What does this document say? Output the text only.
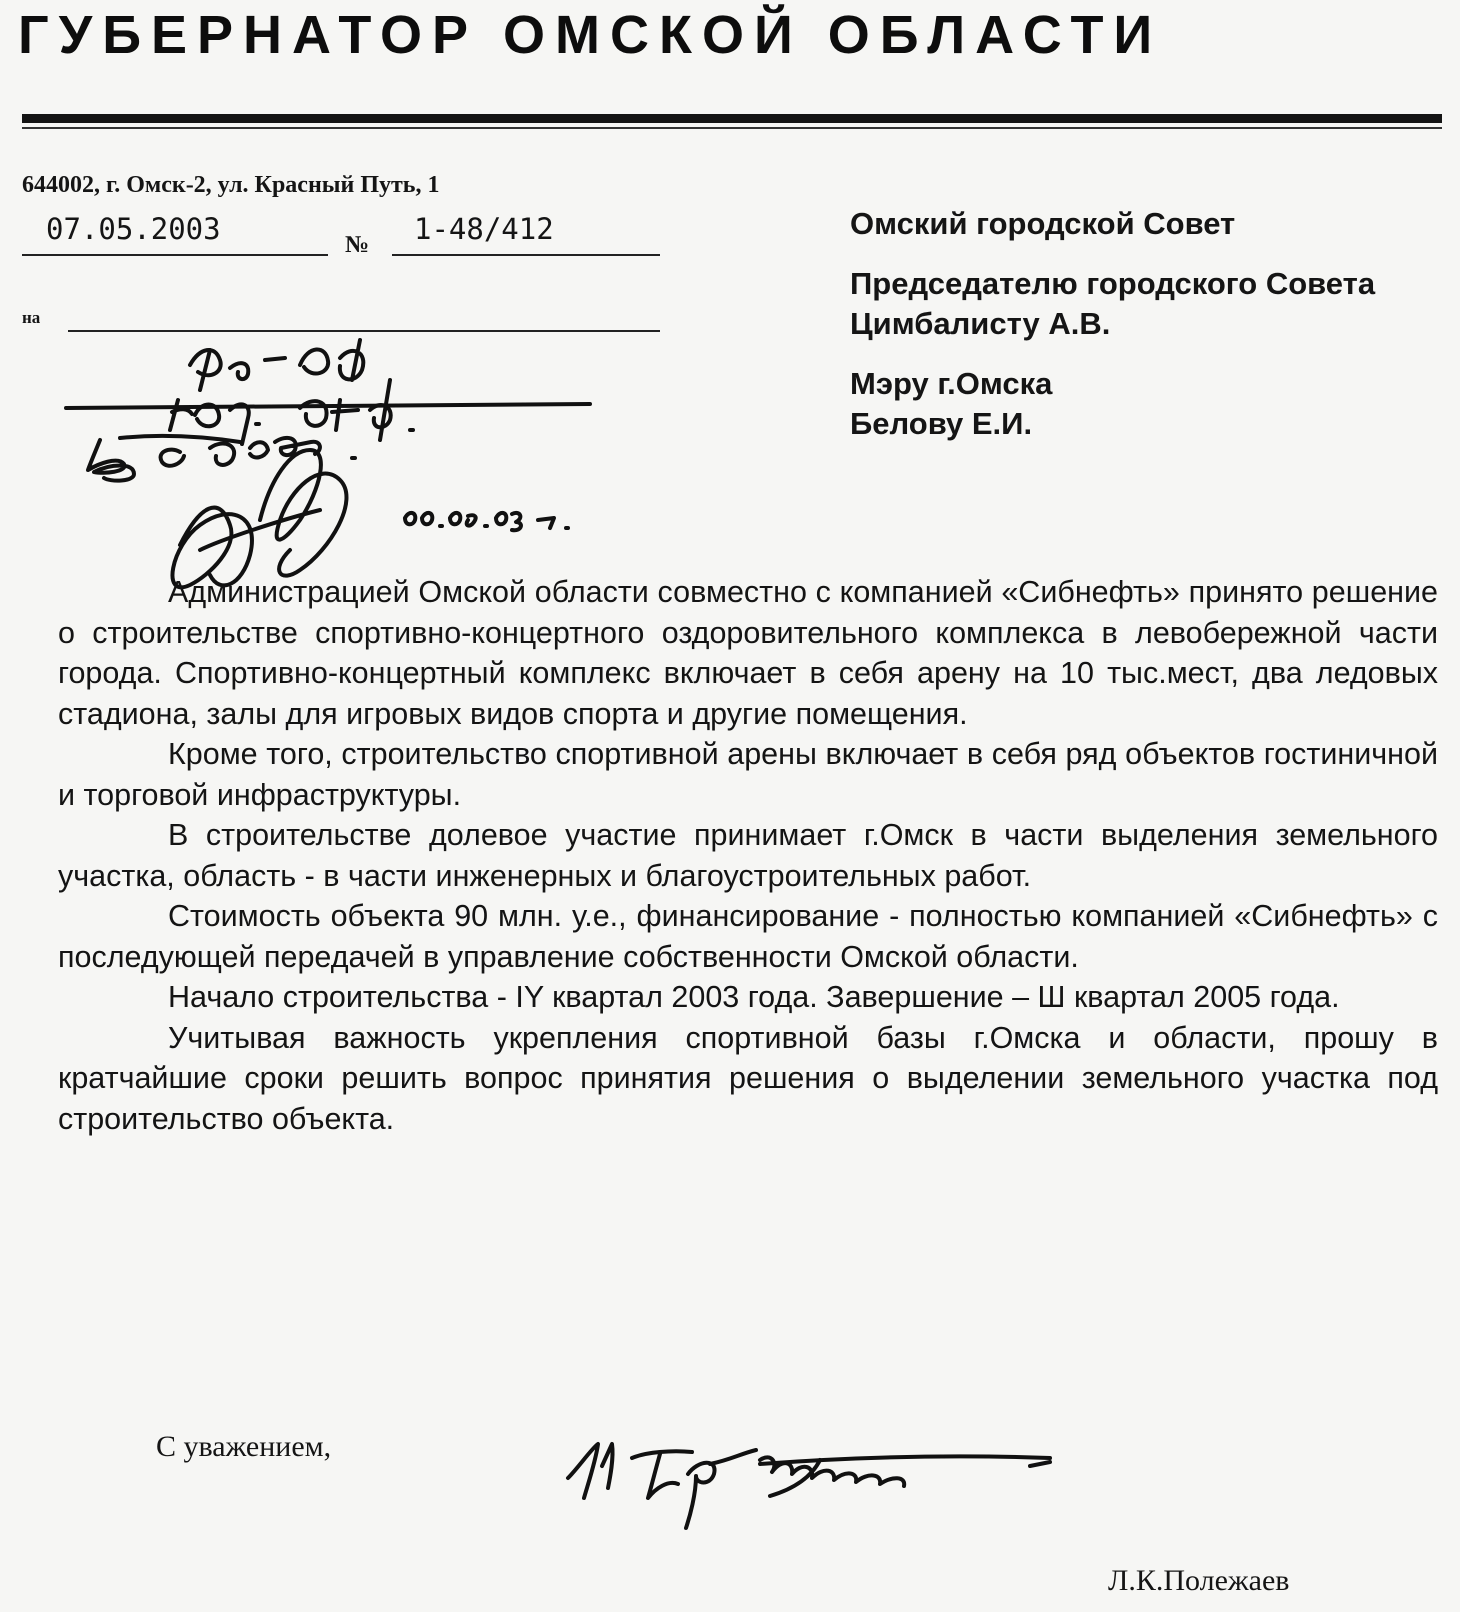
ГУБЕРНАТОР ОМСКОЙ ОБЛАСТИ
644002, г. Омск-2, ул. Красный Путь, 1
07.05.2003	№ 1-48/412
на
Омский городской Совет
Председателю городского Совета
Цимбалисту А.В.
Мэру г.Омска
Белову Е.И.

Администрацией Омской области совместно с компанией «Сибнефть» принято решение о строительстве спортивно-концертного оздоровительного комплекса в левобережной части города. Спортивно-концертный комплекс включает в себя арену на 10 тыс.мест, два ледовых стадиона, залы для игровых видов спорта и другие помещения.

Кроме того, строительство спортивной арены включает в себя ряд объектов гостиничной и торговой инфраструктуры.

В строительстве долевое участие принимает г.Омск в части выделения земельного участка, область - в части инженерных и благоустроительных работ.

Стоимость объекта 90 млн. у.е., финансирование - полностью компанией «Сибнефть» с последующей передачей в управление собственности Омской области.

Начало строительства - IY квартал 2003 года. Завершение – Ш квартал 2005 года.

Учитывая важность укрепления спортивной базы г.Омска и области, прошу в кратчайшие сроки решить вопрос принятия решения о выделении земельного участка под строительство объекта.

С уважением,
Л.К.Полежаев
